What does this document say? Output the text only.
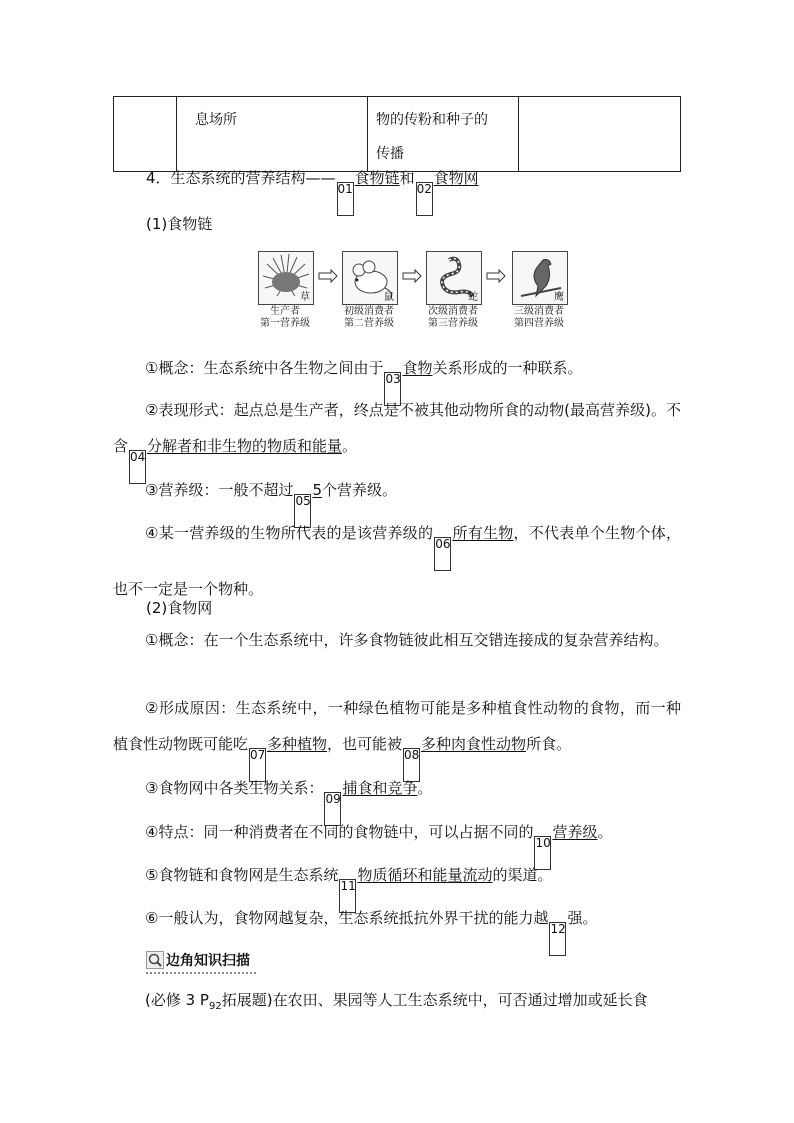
息场所	物的传粉和种子的
传播

4．生态系统的营养结构——01食物链和02食物网
(1)食物链
草
生产者
第一营养级
鼠
初级消费者
第二营养级
蛇
次级消费者
第三营养级
鹰
三级消费者
第四营养级
①概念：生态系统中各生物之间由于03食物关系形成的一种联系。
②表现形式：起点总是生产者，终点是不被其他动物所食的动物(最高营养级)。不含04分解者和非生物的物质和能量。
③营养级：一般不超过055个营养级。
④某一营养级的生物所代表的是该营养级的06所有生物，不代表单个生物个体，也不一定是一个物种。
(2)食物网
①概念：在一个生态系统中，许多食物链彼此相互交错连接成的复杂营养结构。
②形成原因：生态系统中，一种绿色植物可能是多种植食性动物的食物，而一种植食性动物既可能吃07多种植物，也可能被08多种肉食性动物所食。
③食物网中各类生物关系：09捕食和竞争。
④特点：同一种消费者在不同的食物链中，可以占据不同的10营养级。
⑤食物链和食物网是生态系统11物质循环和能量流动的渠道。
⑥一般认为，食物网越复杂，生态系统抵抗外界干扰的能力越12强。
边角知识扫描
(必修 3 $P_{92}$拓展题)在农田、果园等人工生态系统中，可否通过增加或延长食
